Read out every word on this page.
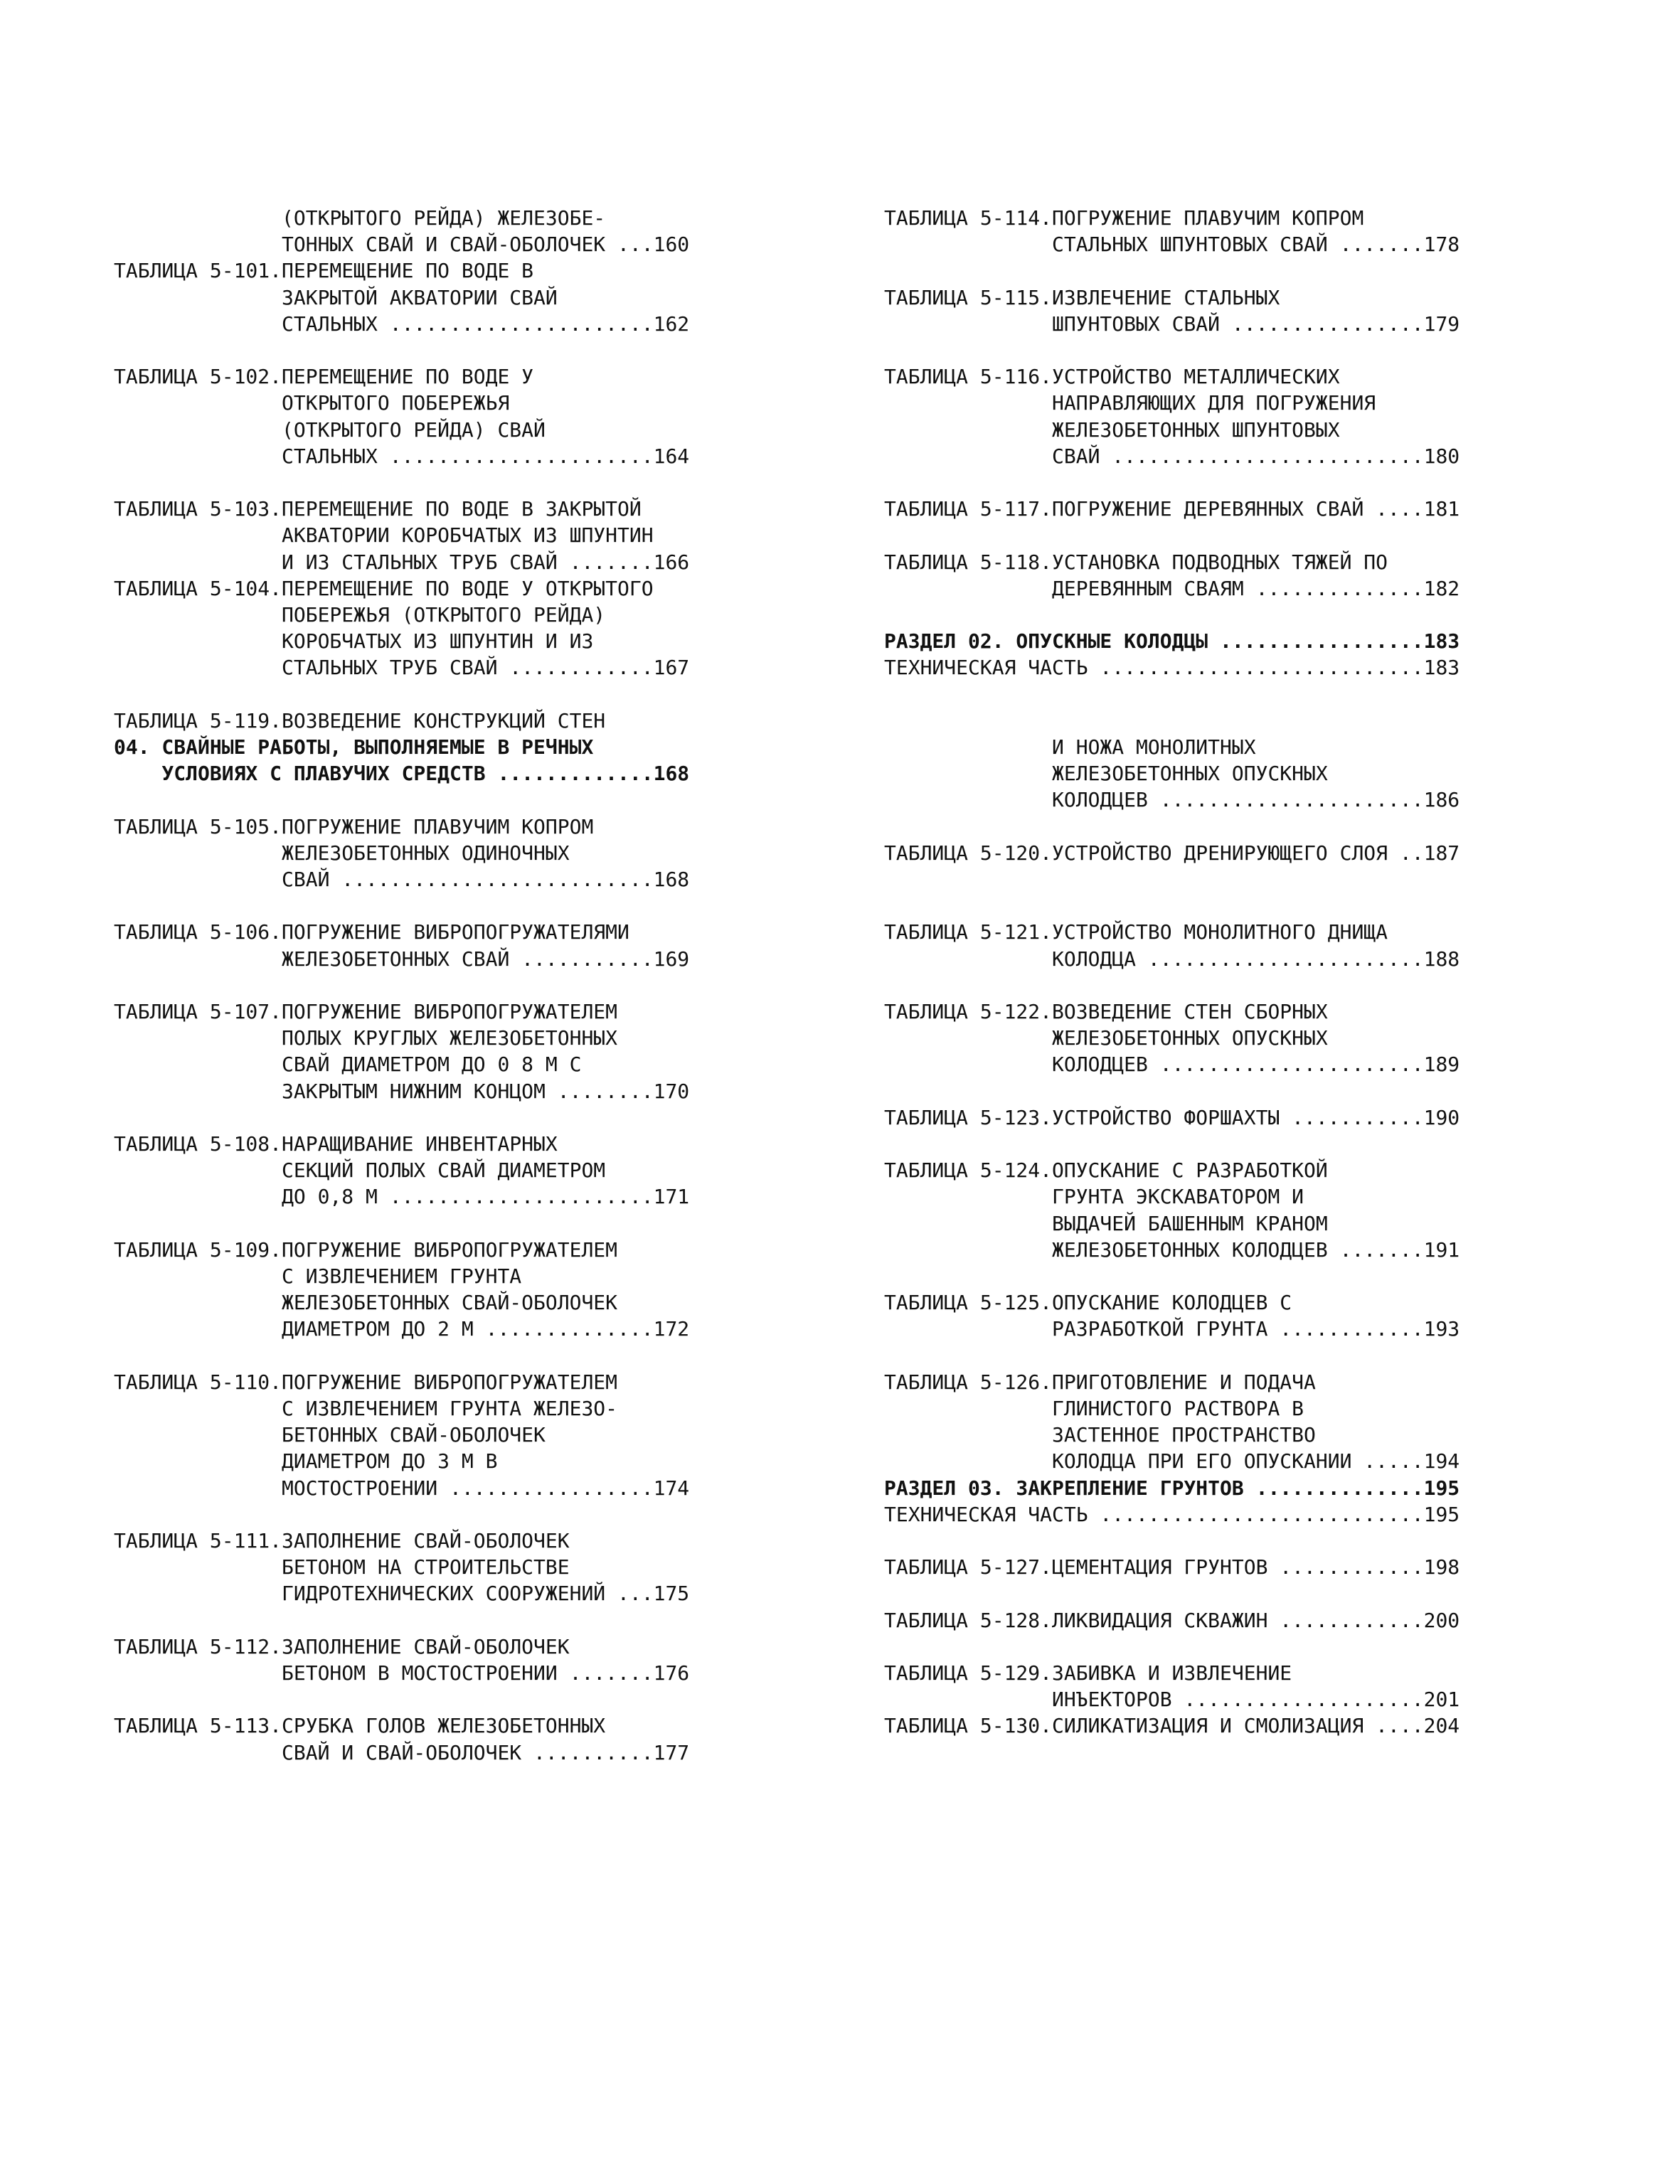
(ОТКРЫТОГО РЕЙДА) ЖЕЛЕЗОБЕ-
ТОННЫХ СВАЙ И СВАЙ-ОБОЛОЧЕК ...160
ТАБЛИЦА 5-101.ПЕРЕМЕЩЕНИЕ ПО ВОДЕ В
ЗАКРЫТОЙ АКВАТОРИИ СВАЙ
СТАЛЬНЫХ ......................162
ТАБЛИЦА 5-102.ПЕРЕМЕЩЕНИЕ ПО ВОДЕ У
ОТКРЫТОГО ПОБЕРЕЖЬЯ
(ОТКРЫТОГО РЕЙДА) СВАЙ
СТАЛЬНЫХ ......................164
ТАБЛИЦА 5-103.ПЕРЕМЕЩЕНИЕ ПО ВОДЕ В ЗАКРЫТОЙ
АКВАТОРИИ КОРОБЧАТЫХ ИЗ ШПУНТИН
И ИЗ СТАЛЬНЫХ ТРУБ СВАЙ .......166
ТАБЛИЦА 5-104.ПЕРЕМЕЩЕНИЕ ПО ВОДЕ У ОТКРЫТОГО
ПОБЕРЕЖЬЯ (ОТКРЫТОГО РЕЙДА)
КОРОБЧАТЫХ ИЗ ШПУНТИН И ИЗ
СТАЛЬНЫХ ТРУБ СВАЙ ............167
ТАБЛИЦА 5-119.ВОЗВЕДЕНИЕ КОНСТРУКЦИЙ СТЕН
04. СВАЙНЫЕ РАБОТЫ, ВЫПОЛНЯЕМЫЕ В РЕЧНЫХ
УСЛОВИЯХ С ПЛАВУЧИХ СРЕДСТВ .............168
ТАБЛИЦА 5-105.ПОГРУЖЕНИЕ ПЛАВУЧИМ КОПРОМ
ЖЕЛЕЗОБЕТОННЫХ ОДИНОЧНЫХ
СВАЙ ..........................168
ТАБЛИЦА 5-106.ПОГРУЖЕНИЕ ВИБРОПОГРУЖАТЕЛЯМИ
ЖЕЛЕЗОБЕТОННЫХ СВАЙ ...........169
ТАБЛИЦА 5-107.ПОГРУЖЕНИЕ ВИБРОПОГРУЖАТЕЛЕМ
ПОЛЫХ КРУГЛЫХ ЖЕЛЕЗОБЕТОННЫХ
СВАЙ ДИАМЕТРОМ ДО 0 8 М С
ЗАКРЫТЫМ НИЖНИМ КОНЦОМ ........170
ТАБЛИЦА 5-108.НАРАЩИВАНИЕ ИНВЕНТАРНЫХ
СЕКЦИЙ ПОЛЫХ СВАЙ ДИАМЕТРОМ
ДО 0,8 М ......................171
ТАБЛИЦА 5-109.ПОГРУЖЕНИЕ ВИБРОПОГРУЖАТЕЛЕМ
С ИЗВЛЕЧЕНИЕМ ГРУНТА
ЖЕЛЕЗОБЕТОННЫХ СВАЙ-ОБОЛОЧЕК
ДИАМЕТРОМ ДО 2 М ..............172
ТАБЛИЦА 5-110.ПОГРУЖЕНИЕ ВИБРОПОГРУЖАТЕЛЕМ
С ИЗВЛЕЧЕНИЕМ ГРУНТА ЖЕЛЕЗО-
БЕТОННЫХ СВАЙ-ОБОЛОЧЕК
ДИАМЕТРОМ ДО 3 М В
МОСТОСТРОЕНИИ .................174
ТАБЛИЦА 5-111.ЗАПОЛНЕНИЕ СВАЙ-ОБОЛОЧЕК
БЕТОНОМ НА СТРОИТЕЛЬСТВЕ
ГИДРОТЕХНИЧЕСКИХ СООРУЖЕНИЙ ...175
ТАБЛИЦА 5-112.ЗАПОЛНЕНИЕ СВАЙ-ОБОЛОЧЕК
БЕТОНОМ В МОСТОСТРОЕНИИ .......176
ТАБЛИЦА 5-113.СРУБКА ГОЛОВ ЖЕЛЕЗОБЕТОННЫХ
СВАЙ И СВАЙ-ОБОЛОЧЕК ..........177
ТАБЛИЦА 5-114.ПОГРУЖЕНИЕ ПЛАВУЧИМ КОПРОМ
СТАЛЬНЫХ ШПУНТОВЫХ СВАЙ .......178
ТАБЛИЦА 5-115.ИЗВЛЕЧЕНИЕ СТАЛЬНЫХ
ШПУНТОВЫХ СВАЙ ................179
ТАБЛИЦА 5-116.УСТРОЙСТВО МЕТАЛЛИЧЕСКИХ
НАПРАВЛЯЮЩИХ ДЛЯ ПОГРУЖЕНИЯ
ЖЕЛЕЗОБЕТОННЫХ ШПУНТОВЫХ
СВАЙ ..........................180
ТАБЛИЦА 5-117.ПОГРУЖЕНИЕ ДЕРЕВЯННЫХ СВАЙ ....181
ТАБЛИЦА 5-118.УСТАНОВКА ПОДВОДНЫХ ТЯЖЕЙ ПО
ДЕРЕВЯННЫМ СВАЯМ ..............182
РАЗДЕЛ 02. ОПУСКНЫЕ КОЛОДЦЫ .................183
ТЕХНИЧЕСКАЯ ЧАСТЬ ...........................183
И НОЖА МОНОЛИТНЫХ
ЖЕЛЕЗОБЕТОННЫХ ОПУСКНЫХ
КОЛОДЦЕВ ......................186
ТАБЛИЦА 5-120.УСТРОЙСТВО ДРЕНИРУЮЩЕГО СЛОЯ ..187
ТАБЛИЦА 5-121.УСТРОЙСТВО МОНОЛИТНОГО ДНИЩА
КОЛОДЦА .......................188
ТАБЛИЦА 5-122.ВОЗВЕДЕНИЕ СТЕН СБОРНЫХ
ЖЕЛЕЗОБЕТОННЫХ ОПУСКНЫХ
КОЛОДЦЕВ ......................189
ТАБЛИЦА 5-123.УСТРОЙСТВО ФОРШАХТЫ ...........190
ТАБЛИЦА 5-124.ОПУСКАНИЕ С РАЗРАБОТКОЙ
ГРУНТА ЭКСКАВАТОРОМ И
ВЫДАЧЕЙ БАШЕННЫМ КРАНОМ
ЖЕЛЕЗОБЕТОННЫХ КОЛОДЦЕВ .......191
ТАБЛИЦА 5-125.ОПУСКАНИЕ КОЛОДЦЕВ С
РАЗРАБОТКОЙ ГРУНТА ............193
ТАБЛИЦА 5-126.ПРИГОТОВЛЕНИЕ И ПОДАЧА
ГЛИНИСТОГО РАСТВОРА В
ЗАСТЕННОЕ ПРОСТРАНСТВО
КОЛОДЦА ПРИ ЕГО ОПУСКАНИИ .....194
РАЗДЕЛ 03. ЗАКРЕПЛЕНИЕ ГРУНТОВ ..............195
ТЕХНИЧЕСКАЯ ЧАСТЬ ...........................195
ТАБЛИЦА 5-127.ЦЕМЕНТАЦИЯ ГРУНТОВ ............198
ТАБЛИЦА 5-128.ЛИКВИДАЦИЯ СКВАЖИН ............200
ТАБЛИЦА 5-129.ЗАБИВКА И ИЗВЛЕЧЕНИЕ
ИНЪЕКТОРОВ ....................201
ТАБЛИЦА 5-130.СИЛИКАТИЗАЦИЯ И СМОЛИЗАЦИЯ ....204
